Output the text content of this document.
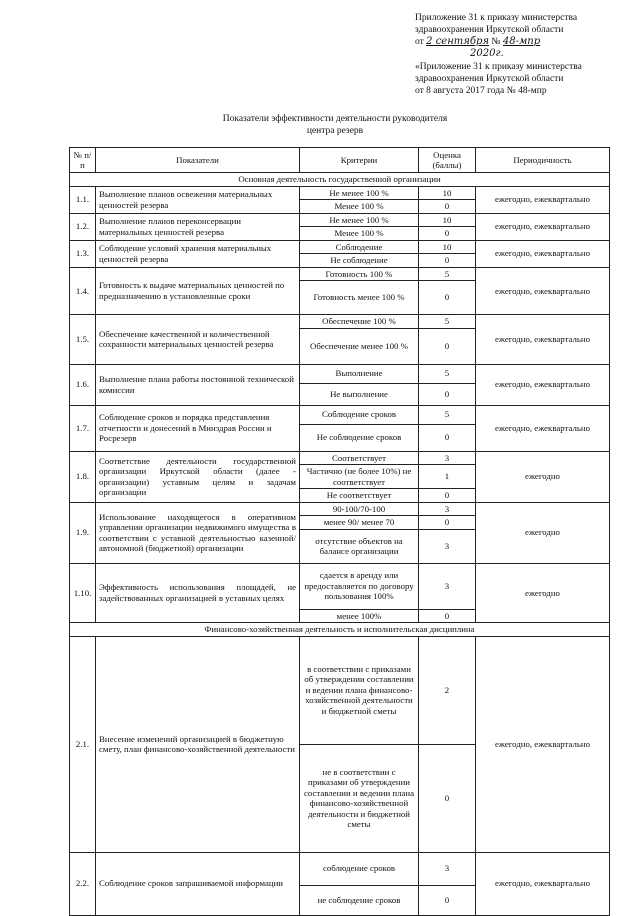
Приложение 31 к приказу министерства
здравоохранения Иркутской области
от 2 сентября № 48-мпр
2020г.
«Приложение 31 к приказу министерства
здравоохранения Иркутской области
от 8 августа 2017 года № 48-мпр
Показатели эффективности деятельности руководителя
центра резерв
№ п/п	Показатели	Критерии	Оценка (баллы)	Периодичность
Основная деятельность государственной организации				
1.1.	Выполнение планов освежения материальных ценностей резерва	Не менее 100 %	10	ежегодно, ежеквартально
		Менее 100 %	0	
1.2.	Выполнение планов переконсервации материальных ценностей резерва	Не менее 100 %	10	ежегодно, ежеквартально
		Менее 100 %	0	
1.3.	Соблюдение условий хранения материальных ценностей резерва	Соблюдение	10	ежегодно, ежеквартально
		Не соблюдение	0	
1.4.	Готовность к выдаче материальных ценностей по предназначению в установленные сроки	Готовность 100 %	5	ежегодно, ежеквартально
		Готовность менее 100 %	0	
1.5.	Обеспечение качественной и количественной сохранности материальных ценностей резерва	Обеспечение 100 %	5	ежегодно, ежеквартально
		Обеспечение менее 100 %	0	
1.6.	Выполнение плана работы постоянной технической комиссии	Выполнение	5	ежегодно, ежеквартально
		Не выполнение	0	
1.7.	Соблюдение сроков и порядка представления отчетности и донесений в Минздрав России и Росрезерв	Соблюдение сроков	5	ежегодно, ежеквартально
		Не соблюдение сроков	0	
1.8.	Соответствие деятельности государственной организации Иркутской области (далее - организации) уставным целям и задачам организации	Соответствует	3	ежегодно
		Частично (не более 10%) не соответствует	1	
		Не соответствует	0	
1.9.	Использование находящегося в оперативном управлении организации недвижимого имущества в соответствии с уставной деятельностью казенной/ автономной (бюджетной) организации	90-100/70-100	3	ежегодно
		менее 90/ менее 70	0	
		отсутствие объектов на балансе организации	3	
1.10.	Эффективность использования площадей, не задействованных организацией в уставных целях	сдается в аренду или предоставляется по договору пользования 100%	3	ежегодно
		менее 100%	0	
Финансово-хозяйственная деятельность и исполнительская дисциплина				
2.1.	Внесение изменений организацией в бюджетную смету, план финансово-хозяйственной деятельности	в соответствии с приказами об утверждении составлении и ведении плана финансово-хозяйственной деятельности и бюджетной сметы	2	ежегодно, ежеквартально
		не в соответствии с приказами об утверждении составлении и ведении плана финансово-хозяйственной деятельности и бюджетной сметы	0	
2.2.	Соблюдение сроков запрашиваемой информации	соблюдение сроков	3	ежегодно, ежеквартально
		не соблюдение сроков	0	
